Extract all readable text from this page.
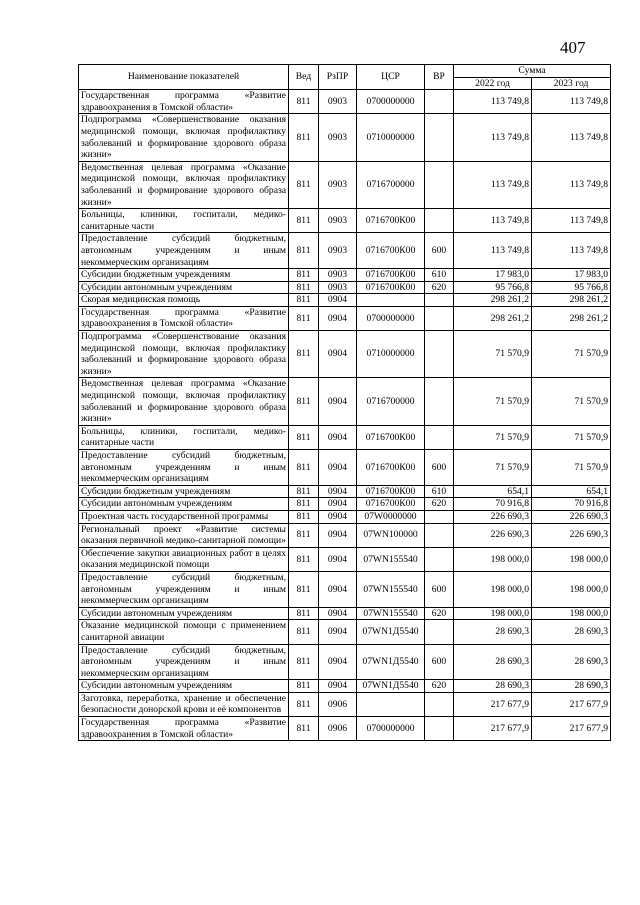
407
Наименование показателей	Вед	РзПР	ЦСР	ВР	Сумма	
					2022 год	2023 год
Государственная программа «Развитие здравоохранения в Томской области»	811	0903	0700000000		113 749,8	113 749,8
Подпрограмма «Совершенствование оказания медицинской помощи, включая профилактику заболеваний и формирование здорового образа жизни»	811	0903	0710000000		113 749,8	113 749,8
Ведомственная целевая программа «Оказание медицинской помощи, включая профилактику заболеваний и формирование здорового образа жизни»	811	0903	0716700000		113 749,8	113 749,8
Больницы, клиники, госпитали, медико-санитарные части	811	0903	0716700К00		113 749,8	113 749,8
Предоставление субсидий бюджетным, автономным учреждениям и иным некоммерческим организациям	811	0903	0716700К00	600	113 749,8	113 749,8
Субсидии бюджетным учреждениям	811	0903	0716700К00	610	17 983,0	17 983,0
Субсидии автономным учреждениям	811	0903	0716700К00	620	95 766,8	95 766,8
Скорая медицинская помощь	811	0904			298 261,2	298 261,2
Государственная программа «Развитие здравоохранения в Томской области»	811	0904	0700000000		298 261,2	298 261,2
Подпрограмма «Совершенствование оказания медицинской помощи, включая профилактику заболеваний и формирование здорового образа жизни»	811	0904	0710000000		71 570,9	71 570,9
Ведомственная целевая программа «Оказание медицинской помощи, включая профилактику заболеваний и формирование здорового образа жизни»	811	0904	0716700000		71 570,9	71 570,9
Больницы, клиники, госпитали, медико-санитарные части	811	0904	0716700К00		71 570,9	71 570,9
Предоставление субсидий бюджетным, автономным учреждениям и иным некоммерческим организациям	811	0904	0716700К00	600	71 570,9	71 570,9
Субсидии бюджетным учреждениям	811	0904	0716700К00	610	654,1	654,1
Субсидии автономным учреждениям	811	0904	0716700К00	620	70 916,8	70 916,8
Проектная часть государственной программы	811	0904	07W0000000		226 690,3	226 690,3
Региональный проект «Развитие системы оказания первичной медико-санитарной помощи»	811	0904	07WN100000		226 690,3	226 690,3
Обеспечение закупки авиационных работ в целях оказания медицинской помощи	811	0904	07WN155540		198 000,0	198 000,0
Предоставление субсидий бюджетным, автономным учреждениям и иным некоммерческим организациям	811	0904	07WN155540	600	198 000,0	198 000,0
Субсидии автономным учреждениям	811	0904	07WN155540	620	198 000,0	198 000,0
Оказание медицинской помощи с применением санитарной авиации	811	0904	07WN1Д5540		28 690,3	28 690,3
Предоставление субсидий бюджетным, автономным учреждениям и иным некоммерческим организациям	811	0904	07WN1Д5540	600	28 690,3	28 690,3
Субсидии автономным учреждениям	811	0904	07WN1Д5540	620	28 690,3	28 690,3
Заготовка, переработка, хранение и обеспечение безопасности донорской крови и её компонентов	811	0906			217 677,9	217 677,9
Государственная программа «Развитие здравоохранения в Томской области»	811	0906	0700000000		217 677,9	217 677,9
